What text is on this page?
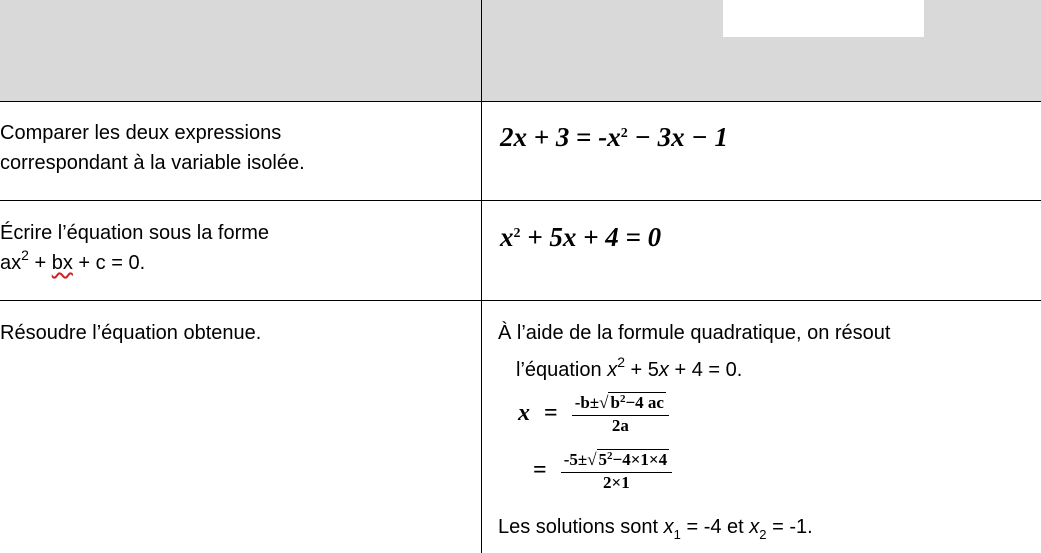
Comparer les deux expressions
correspondant à la variable isolée.
$2x + 3 = -x^2 - 3x - 1$
Écrire l’équation sous la forme
$ax^2$ + bx + c = 0.
$x^2 + 5x + 4 = 0$
Résoudre l’équation obtenue.	À l’aide de la formule quadratique, on résout
l’équation $x^2 + 5x + 4 = 0$.
$x = \frac{-b\pm√ b^2-4 ac}{2a}$
= $\frac{-5\pm√ 5^2-4\times 1\times 4}{2\times 1}$
Les solutions sont $x_1 = -4$ et $x_2 = -1$.
